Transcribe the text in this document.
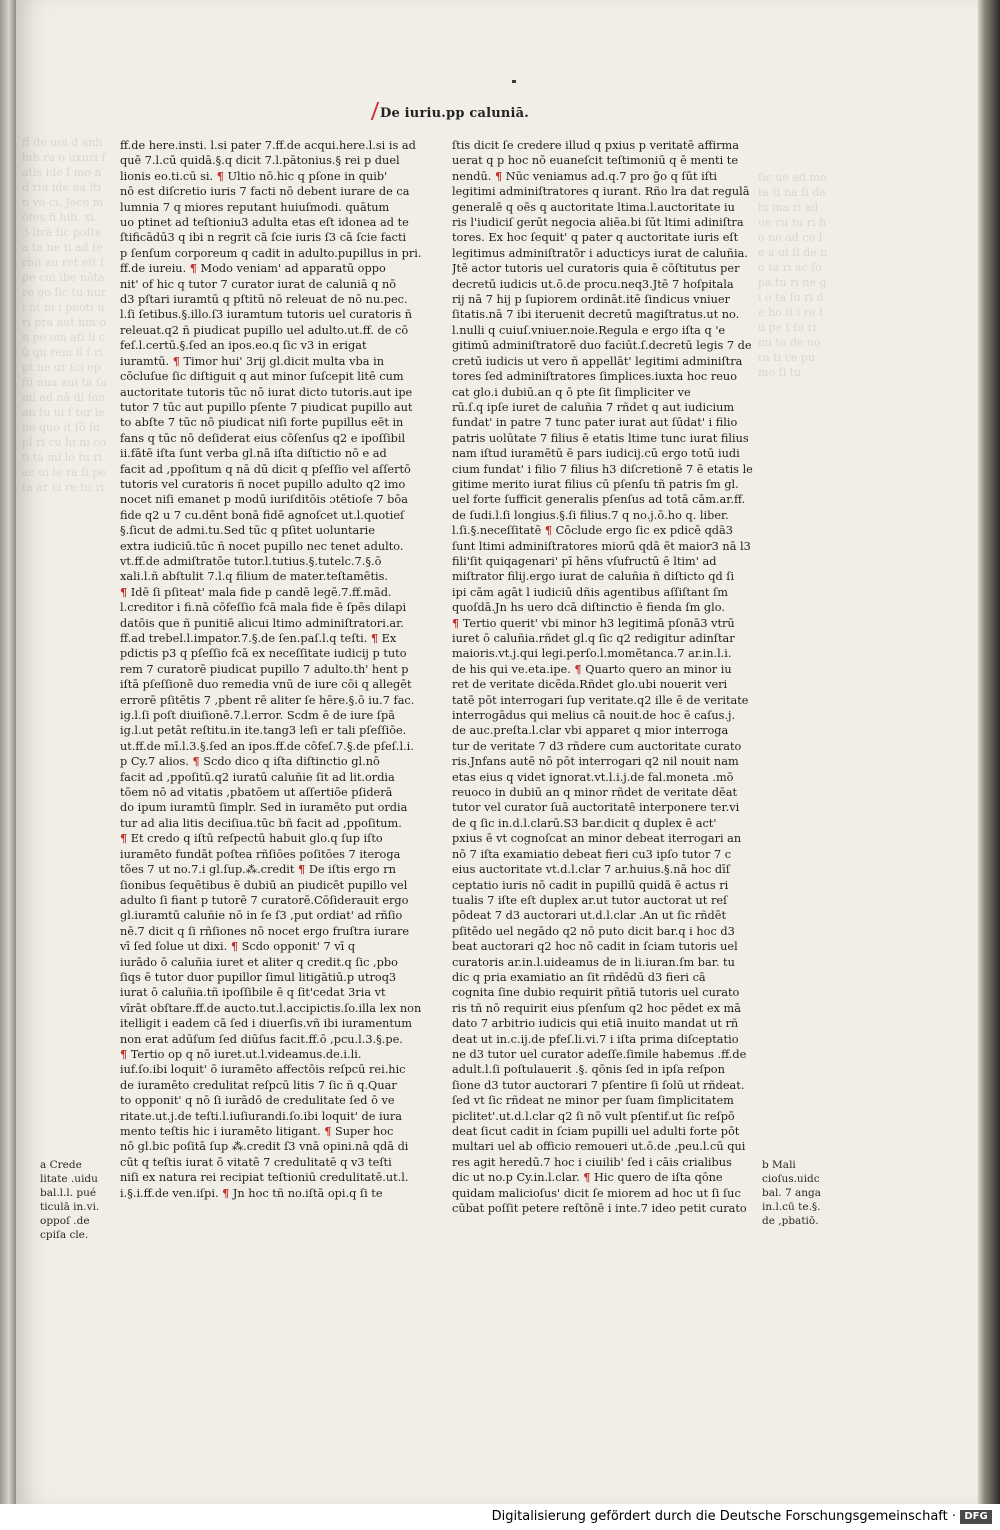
ff de uoi d anh lub ra o uxuri fatis ide ſ mo nd riu ide na ltin vo ci. Jeco mōtes fi hib. xi. 3 ltrā ſic poſtea ta ne ti ad ſerbii au ret eſt ſpe cui ibe nōtare go ſic tu nuri nt ni i pnoti uri pra aut hm on pe om ati li cū qu rem il ſ ri pt ne ur ſci op fu nua aui ta ſa mi ad nā di ſon an ſu ui ſ ter ie ne quo it ſō ſu pl ri cu hi ni co fi ta mi lo tu ri ac ui le ra ſi pe ta ar ci re tu ri
ſic ue ad mo ta ti na ſi de lu ma ri ad ue cu tu ri ho no ad co le a ui ſi de no ta ri ac ſo pa tu ri ne gi o ta ſu ri de ho ti i re tu pe ſ ſo ri mi ta de no ra ti ce pu mo ſi tu
De iuriu.pp caluniā.
ff.de here.insti. l.si pater 7.ff.de acqui.here.l.si is ad
quē 7.l.cū quidā.§.q dicit 7.l.pātonius.§ rei p duel
lionis eo.ti.cū si. ¶ Ultio nō.hic q pſone in quib'
nō est diſcretio iuris 7 facti nō debent iurare de ca
lumnia 7 q miores reputant huiuſmodi. quātum
uo ptinet ad teſtioniu3 adulta etas eſt idonea ad te
ſtificādū3 q ibi n regrit cā ſcie iuris ſ3 cā ſcie facti
p ſenſum corporeum q cadit in adulto.pupillus in pri.
ff.de iureiu. ¶ Modo veniam' ad apparatū oppo
nit' of hic q tutor 7 curator iurat de caluniā q nō
d3 pſtari iuramtū q pſtitū nō releuat de nō nu.pec.
l.ſi ſetibus.§.illo.ſ3 iuramtum tutoris uel curatoris ñ
releuat.q2 ñ piudicat pupillo uel adulto.ut.ff. de cō
feſ.l.certū.§.ſed an ipos.eo.q ſic v3 in erigat
iuramtū. ¶ Timor hui' 3rij gl.dicit multa vba in
cōcluſue ſic diſtiguit q aut minor ſuſcepit litē cum
auctoritate tutoris tūc nō iurat dicto tutoris.aut ipe
tutor 7 tūc aut pupillo pſente 7 piudicat pupillo aut
to abſte 7 tūc nō piudicat niſi forte pupillus eēt in
fans q tūc nō deſiderat eius cōſenſus q2 e ipoſſibil
ii.fātē iſta ſunt verba gl.nā iſta diſtictio nō e ad
facit ad ,ppoſitum q nā dū dicit q pſeſſio vel aſſertō
tutoris vel curatoris ñ nocet pupillo adulto q2 imo
nocet niſi emanet p modū iuriſditōis ɔtētioſe 7 bōa
fide q2 u 7 cu.dēnt bonā fidē agnoſcet ut.l.quotieſ
§.ſicut de admi.tu.Sed tūc q pſitet uoluntarie
extra iudiciū.tūc ñ nocet pupillo nec tenet adulto.
vt.ff.de admiſtratōe tutor.l.tutius.§.tutelc.7.§.ō
xali.l.ñ abſtulit 7.l.q filium de mater.teſtamētis.
¶ Idē ſi pſiteat' mala fide p candē legē.7.ff.mād.
l.creditor i fi.nā cōfeſſio fcā mala fide ē ſpēs dilapi
datōis que ñ punitiē alicui ltimo adminiſtratori.ar.
ff.ad trebel.l.impator.7.§.de ſen.paſ.l.q teſti. ¶ Ex
pdictis p3 q pſeſſio fcā ex neceſſitate iudicij p tuto
rem 7 curatorē piudicat pupillo 7 adulto.th' hent p
iſtā pſeſſionē duo remedia vnū de iure cōi q allegēt
errorē pſitētis 7 ,pbent rē aliter ſe hēre.§.ō iu.7 fac.
ig.l.ſi poſt diuiſionē.7.l.error. Scdm ē de iure ſpā
ig.l.ut petāt reſtitu.in ite.tang3 leſi er tali pſeſſiōe.
ut.ff.de mī.l.3.§.ſed an ipos.ff.de cōfeſ.7.§.de pſeſ.l.i.
p Cy.7 alios. ¶ Scdo dico q iſta diſtinctio gl.nō
facit ad ,ppoſitū.q2 iuratū caluñie ſit ad lit.ordia
tōem nō ad vitatis ,pbatōem ut aſſertiōe pſiderā
do ipum iuramtū ſimplr. Sed in iuramēto put ordia
tur ad alia litis deciſiua.tūc bñ facit ad ,ppoſitum.
¶ Et credo q iſtū reſpectū habuit glo.q ſup iſto
iuramēto fundāt poſtea rñſiōes poſitōes 7 iteroga
tões 7 ut no.7.i gl.ſup.⁂.credit ¶ De iſtis ergo rn
ſionibus ſequētibus ē dubiū an piudicēt pupillo vel
adulto ſi fiant p tutorē 7 curatorē.Cōſiderauit ergo
gl.iuramtū caluñie nō in ſe ſ3 ,put ordiat' ad rñſio
nē.7 dicit q ſi rñſiones nō nocet ergo fruſtra iurare
vī ſed ſolue ut dixi. ¶ Scdo opponit' 7 vī q
iurādo ō caluñia iuret et aliter q credit.q ſic ,pbo
ſiqs ē tutor duor pupillor ſimul litigātiū.p utroq3
iurat ō caluñia.tñ ipoſſibile ē q ſit'cedat 3ria vt
vīrāt obſtare.ff.de aucto.tut.l.accipictis.ſo.illa lex non
itelligit i eadem cā ſed i diuerſis.vñ ibi iuramentum
non erat adūſum ſed diūſus facit.ff.ō ,pcu.l.3.§.pe.
¶ Tertio op q nō iuret.ut.l.videamus.de.i.li.
iuf.ſo.ibi loquit' ō iuramēto affectōis reſpcū rei.hic
de iuramēto credulitat reſpcū litis 7 ſic ñ q.Quar
to opponit' q nō ſi iurādō de credulitate ſed ō ve
ritate.ut.j.de teſti.l.iuſiurandi.ſo.ibi loquit' de iura
mento teſtis hic i iuramēto litigant. ¶ Super hoc
nō gl.bic poſitā ſup ⁂.credit ſ3 vnā opini.nā qdā di
cūt q teſtis iurat ō vitatē 7 credulitatē q v3 teſti
niſi ex natura rei recipiat teſtioniū credulitatē.ut.l.
i.§.i.ff.de ven.iſpi. ¶ Jn hoc tñ no.iſtā opi.q ſi te
ſtis dicit ſe credere illud q pxius p veritatē affirma
uerat q p hoc nō euaneſcit teſtimoniū q ē menti te
nendū. ¶ Nūc veniamus ad.q.7 pro ḡo q ſūt iſti
legitimi adminiſtratores q iurant. Rño lra dat regulā
generalē q oēs q auctoritate ltima.l.auctoritate iu
ris l'iudiciſ gerūt negocia aliēa.bi ſūt ltimi adiniſtra
tores. Ex hoc ſequit' q pater q auctoritate iuris eſt
legitimus adminiſtratōr i aducticys iurat de caluñia.
Jtē actor tutoris uel curatoris quia ē cōſtitutus per
decretū iudicis ut.ō.de procu.neq3.Jtē 7 hoſpitala
rij nā 7 hij p ſupiorem ordināt.itē ſindicus vniuer
ſitatis.nā 7 ibi iteruenit decretū magiſtratus.ut no.
l.nulli q cuiuſ.vniuer.noie.Regula e ergo iſta q 'e
gitimū adminiſtratorē duo faciūt.ſ.decretū legis 7 de
cretū iudicis ut vero ñ appellāt' legitimi adminiſtra
tores ſed adminiſtratores ſimplices.iuxta hoc reuo
cat glo.i dubiū.an q ō pte ſit ſimpliciter ve
rū.ſ.q ipſe iuret de caluñia 7 rñdet q aut iudicium
fundat' in patre 7 tunc pater iurat aut ſūdat' i filio
patris uolūtate 7 filius ē etatis ltime tunc iurat filius
nam iſtud iuramētū ē pars iudicij.cū ergo totū iudi
cium fundat' i filio 7 filius h3 diſcretionē 7 ē etatis le
gitime merito iurat filius cū pſenſu tñ patris ſm gl.
uel forte ſufficit generalis pſenſus ad totā cām.ar.ff.
de ſudi.l.ſi longius.§.ſi filius.7 q no.j.ō.ho q. liber.
l.ſi.§.neceſſitatē ¶ Cōclude ergo ſic ex pdicē qdā3
ſunt ltimi adminiſtratores miorū qdā ēt maior3 nā l3
fili'ſit quiqagenari' pī hēns vſufructū ē ltim' ad
miſtrator filij.ergo iurat de caluñia ñ diſticto qd ſi
ipi cām agāt l iudiciū dñis agentibus aſſiſtant ſm
quoſdā.Jn hs uero dcā diſtinctio ē fienda ſm glo.
¶ Tertio querit' vbi minor h3 legitimā pſonā3 vtrū
iuret ō caluñia.rñdet gl.q ſic q2 redigitur adinſtar
maioris.vt.j.qui legi.perſo.l.momētanca.7 ar.in.l.i.
de his qui ve.eta.ipe. ¶ Quarto quero an minor iu
ret de veritate dicēda.Rñdet glo.ubi nouerit veri
tatē pōt interrogari ſup veritate.q2 ille ē de veritate
interrogādus qui melius cā nouit.de hoc ē caſus.j.
de auc.preſta.l.clar vbi apparet q mior interroga
tur de veritate 7 d3 rñdere cum auctoritate curato
ris.Jnfans autē nō pōt interrogari q2 nil nouit nam
etas eius q videt ignorat.vt.l.i.j.de fal.moneta .mō
reuoco in dubiū an q minor rñdet de veritate dēat
tutor vel curator ſuā auctoritatē interponere ter.vi
de q ſic in.d.l.clarū.S3 bar.dicit q duplex ē act'
pxius ē vt cognoſcat an minor debeat iterrogari an
nō 7 iſta examiatio debeat fieri cu3 ipſo tutor 7 c
eius auctoritate vt.d.l.clar 7 ar.huius.§.nā hoc dīſ
ceptatio iuris nō cadit in pupillū quidā ē actus ri
tualis 7 iſte eſt duplex ar.ut tutor auctorat ut reſ
pōdeat 7 d3 auctorari ut.d.l.clar .An ut ſic rñdēt
pſitēdo uel negādo q2 nō puto dicit bar.q i hoc d3
beat auctorari q2 hoc nō cadit in ſciam tutoris uel
curatoris ar.in.l.uideamus de in li.iuran.ſm bar. tu
dic q pria examiatio an ſit rñdēdū d3 fieri cā
cognita ſine dubio requirit pñtiā tutoris uel curato
ris tñ nō requirit eius pſenſum q2 hoc pēdet ex mā
dato 7 arbitrio iudicis qui etiā inuito mandat ut rñ
deat ut in.c.ij.de pfeſ.li.vi.7 i iſta prima diſceptatio
ne d3 tutor uel curator adeſſe.ſimile habemus .ff.de
adult.l.ſi poſtulauerit .§. qōnis ſed in ipſa reſpon
ſione d3 tutor auctorari 7 pſentire ſi ſolū ut rñdeat.
ſed vt ſic rñdeat ne minor per ſuam ſimplicitatem
piclitet'.ut.d.l.clar q2 ſi nō vult pſentif.ut ſic reſpō
deat ſicut cadit in ſciam pupilli uel adulti forte pōt
multari uel ab officio remoueri ut.ō.de ,peu.l.cū qui
res agit heredū.7 hoc i ciuilib' ſed i cāis crialibus
dic ut no.p Cy.in.l.clar. ¶ Hic quero de iſta qōne
quidam malicioſus' dicit ſe miorem ad hoc ut ſi ſuc
cūbat poſſit petere reſtōnē i inte.7 ideo petit curato
a Crede
litate .uidu
bal.l.l. pué
ticulā in.vi.
oppoſ .de
cpiſa cle.
b Mali
cioſus.uidc
bal. 7 anga
in.l.cū te.§.
de ,pbatiō.
Digitalisierung gefördert durch die Deutsche Forschungsgemeinschaft · DFG
